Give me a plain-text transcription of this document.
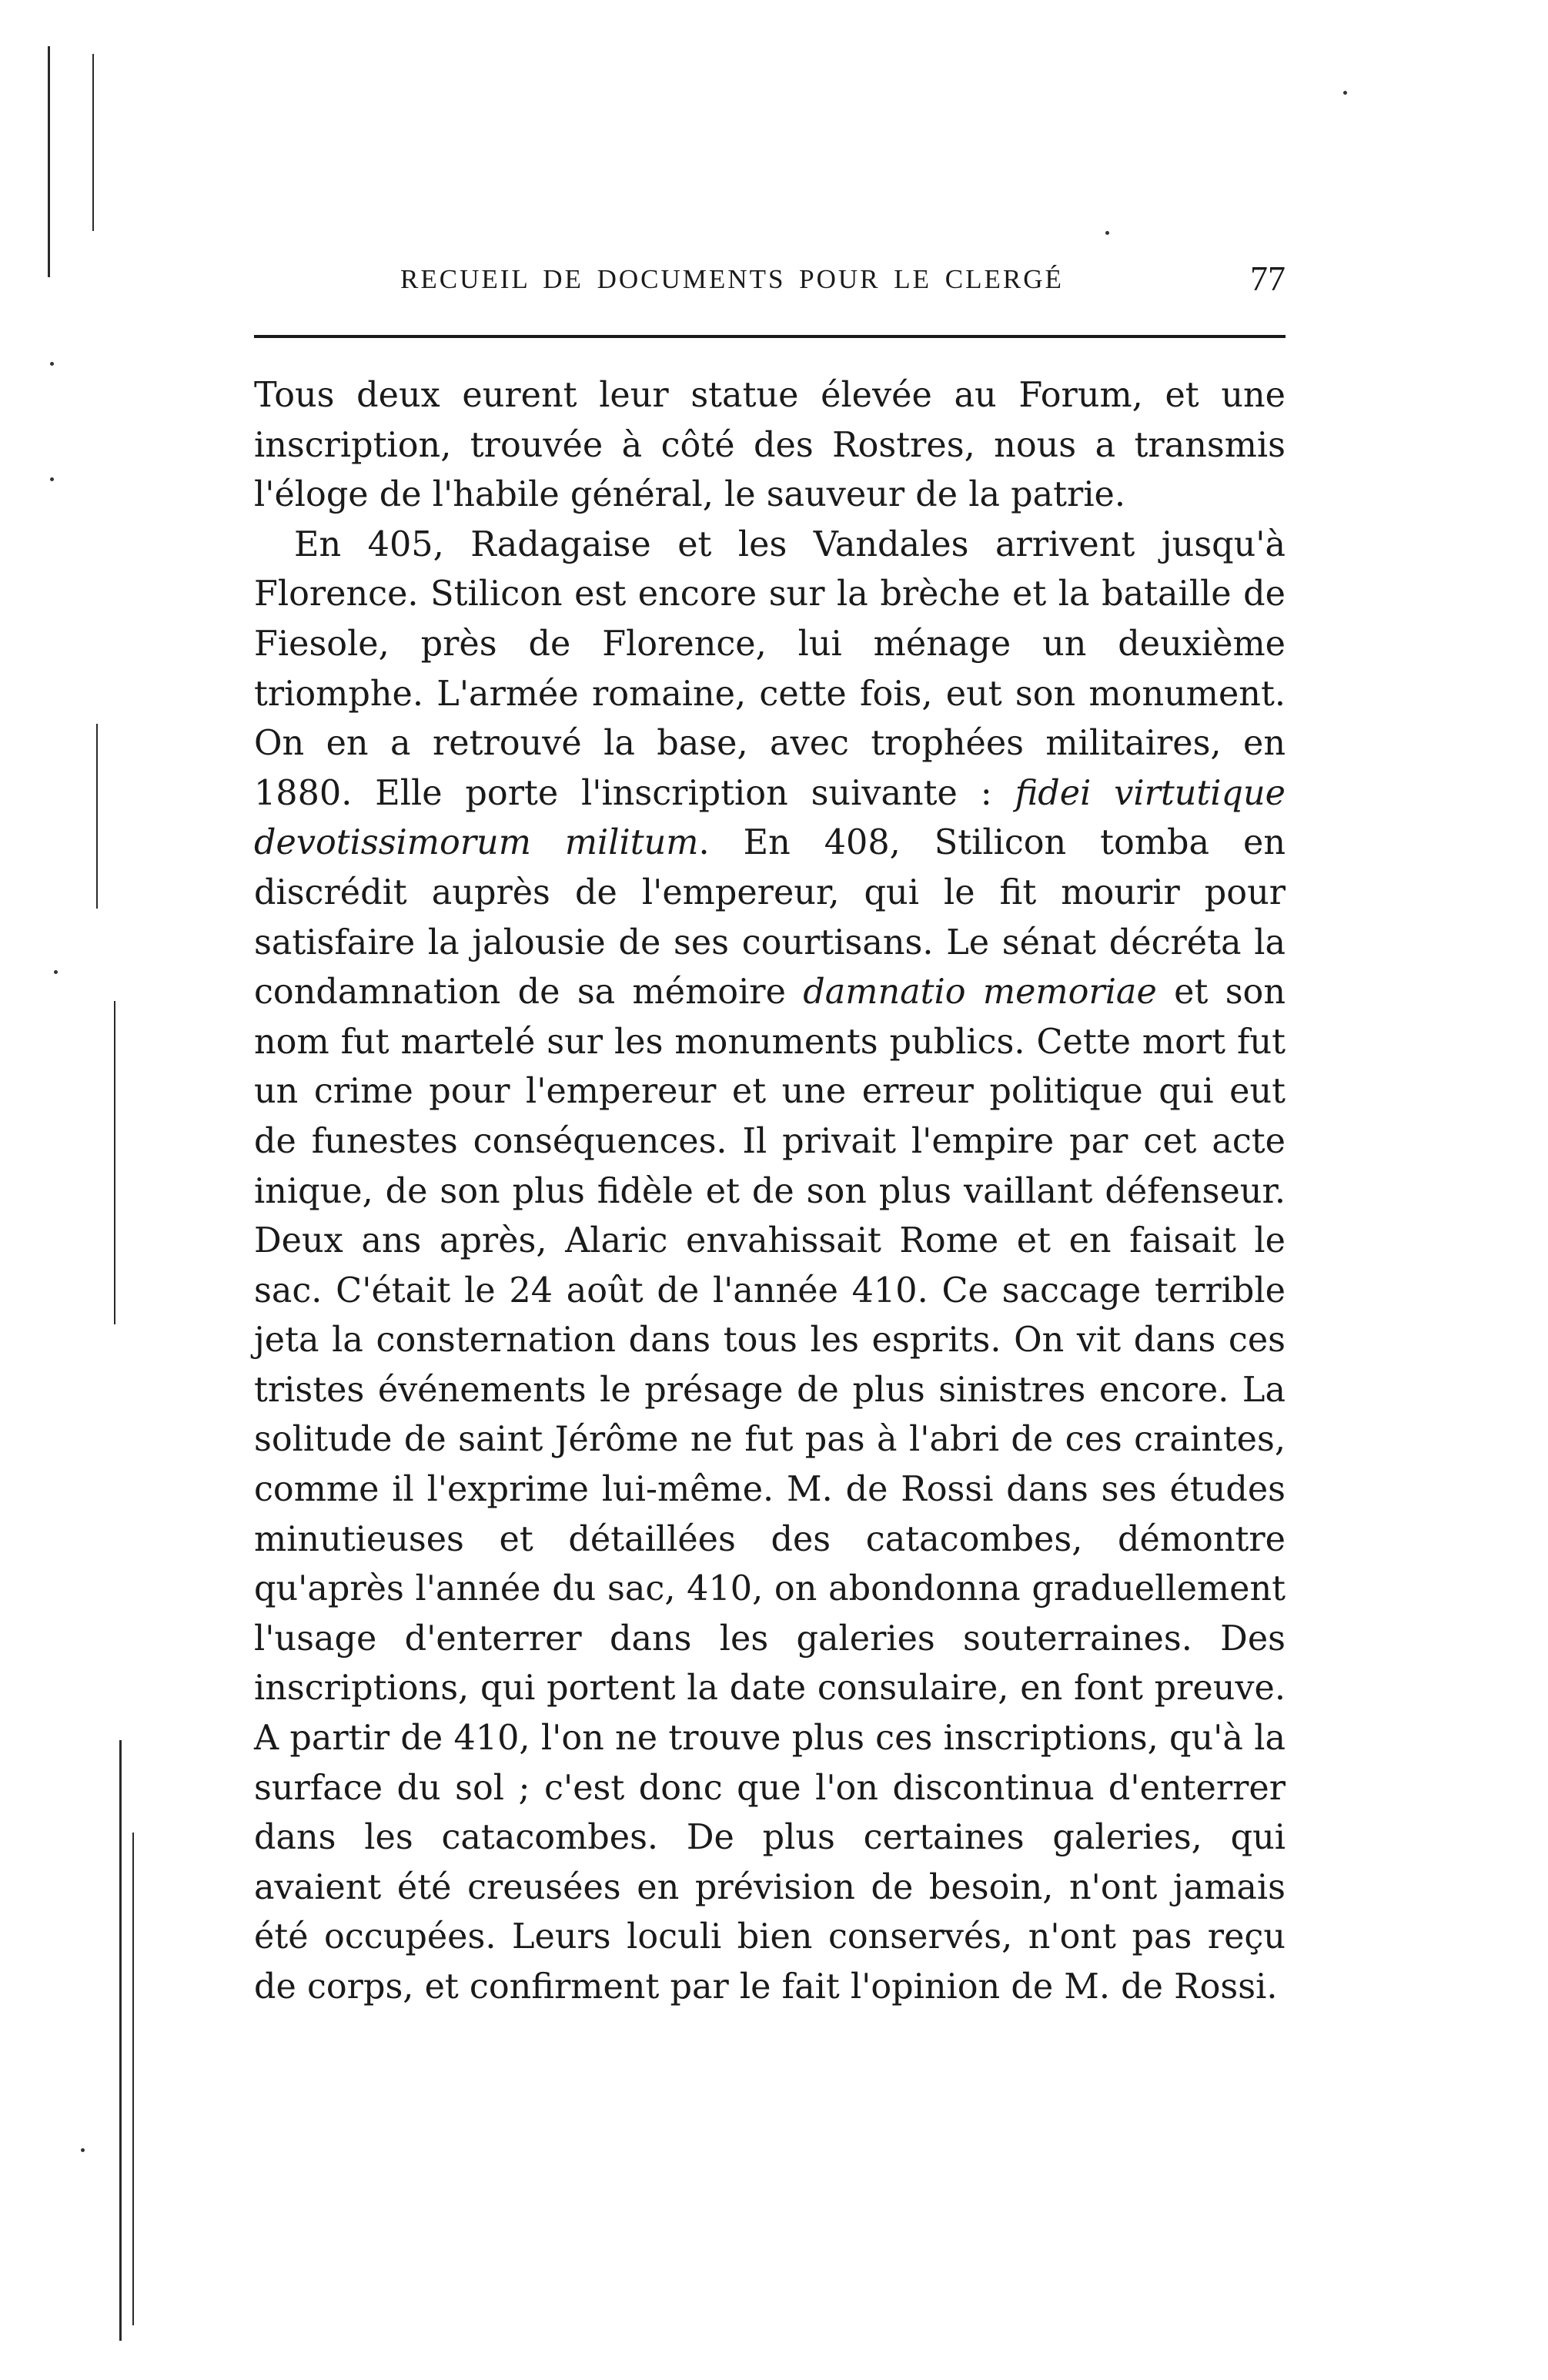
RECUEIL DE DOCUMENTS POUR LE CLERGÉ	77

Tous deux eurent leur statue élevée au Forum, et une inscription, trouvée à côté des Rostres, nous a transmis l'éloge de l'habile général, le sauveur de la patrie.

En 405, Radagaise et les Vandales arrivent jusqu'à Florence. Stilicon est encore sur la brèche et la bataille de Fiesole, près de Florence, lui ménage un deuxième triomphe. L'armée romaine, cette fois, eut son monument. On en a retrouvé la base, avec trophées militaires, en 1880. Elle porte l'inscription suivante : fidei virtutique devotissimorum militum. En 408, Stilicon tomba en discrédit auprès de l'empereur, qui le fit mourir pour satisfaire la jalousie de ses courtisans. Le sénat décréta la condamnation de sa mémoire damnatio memoriae et son nom fut martelé sur les monuments publics. Cette mort fut un crime pour l'empereur et une erreur politique qui eut de funestes conséquences. Il privait l'empire par cet acte inique, de son plus fidèle et de son plus vaillant défenseur. Deux ans après, Alaric envahissait Rome et en faisait le sac. C'était le 24 août de l'année 410. Ce saccage terrible jeta la consternation dans tous les esprits. On vit dans ces tristes événements le présage de plus sinistres encore. La solitude de saint Jérôme ne fut pas à l'abri de ces craintes, comme il l'exprime lui-même. M. de Rossi dans ses études minutieuses et détaillées des catacombes, démontre qu'après l'année du sac, 410, on abondonna graduellement l'usage d'enterrer dans les galeries souterraines. Des inscriptions, qui portent la date consulaire, en font preuve. A partir de 410, l'on ne trouve plus ces inscriptions, qu'à la surface du sol ; c'est donc que l'on discontinua d'enterrer dans les catacombes. De plus certaines galeries, qui avaient été creusées en prévision de besoin, n'ont jamais été occupées. Leurs loculi bien conservés, n'ont pas reçu de corps, et confirment par le fait l'opinion de M. de Rossi.
